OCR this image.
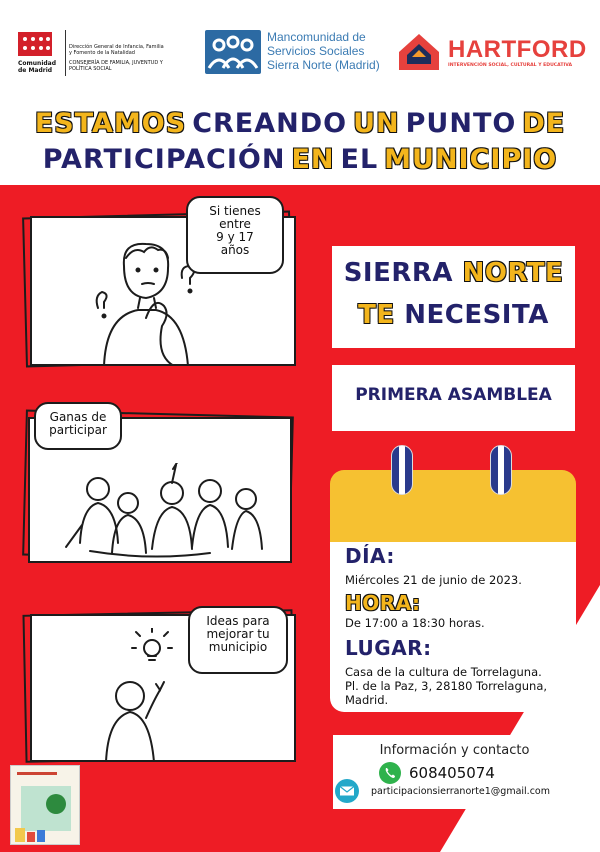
Comunidad de Madrid
Dirección General de Infancia, Familia y Fomento de la Natalidad
CONSEJERÍA DE FAMILIA, JUVENTUD Y POLÍTICA SOCIAL
Mancomunidad de
Servicios Sociales
Sierra Norte (Madrid)
HARTFORD
INTERVENCIÓN SOCIAL, CULTURAL Y EDUCATIVA
ESTAMOS CREANDO UN PUNTO DE
PARTICIPACIÓN EN EL MUNICIPIO
Si tienes
entre
9 y 17
años
Ganas de
participar
Ideas para
mejorar tu
municipio
SIERRA NORTE
TE NECESITA
PRIMERA ASAMBLEA
DÍA:
Miércoles 21 de junio de 2023.
HORA:
De 17:00 a 18:30 horas.
LUGAR:
Casa de la cultura de Torrelaguna.
Pl. de la Paz, 3, 28180 Torrelaguna,
Madrid.
Información y contacto
608405074
participacionsierranorte1@gmail.com
